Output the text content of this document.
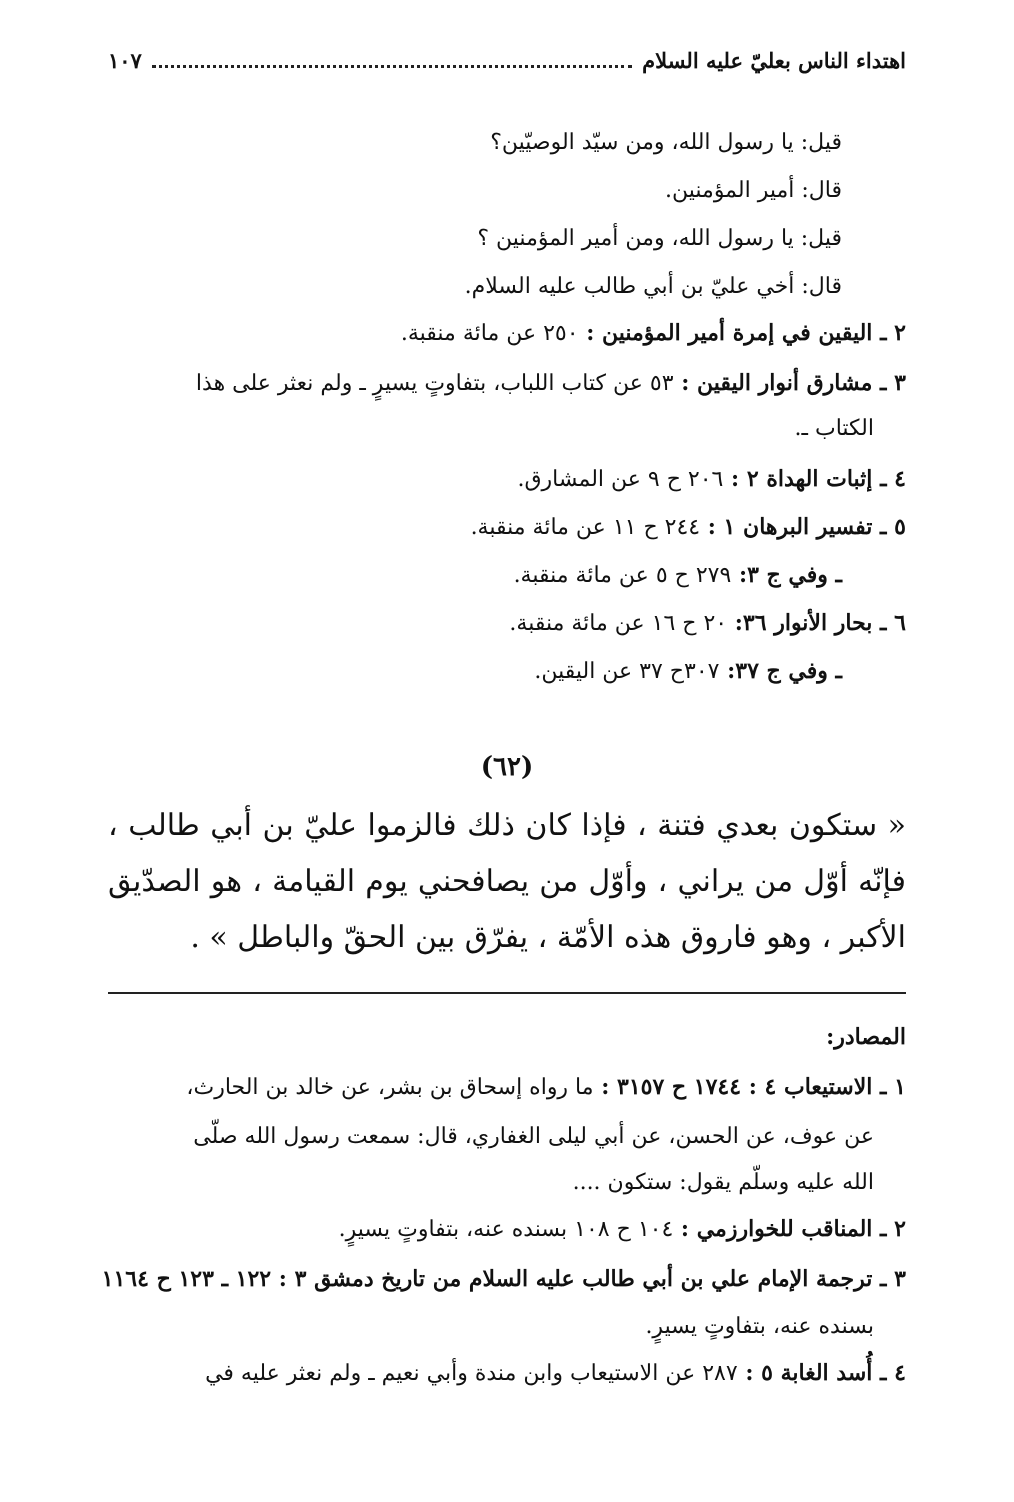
اهتداء الناس بعليّ عليه السلام
١٠٧
قيل: يا رسول الله، ومن سيّد الوصيّين؟
قال: أمير المؤمنين.
قيل: يا رسول الله، ومن أمير المؤمنين ؟
قال: أخي عليّ بن أبي طالب عليه السلام.
٢ ـ اليقين في إمرة أمير المؤمنين : ٢٥٠ عن مائة منقبة.
٣ ـ مشارق أنوار اليقين : ٥٣ عن كتاب اللباب، بتفاوتٍ يسيرٍ ـ ولم نعثر على هذا
الكتاب ـ.
٤ ـ إثبات الهداة ٢ : ٢٠٦ ح ٩ عن المشارق.
٥ ـ تفسير البرهان ١ : ٢٤٤ ح ١١ عن مائة منقبة.
ـ وفي ج ٣: ٢٧٩ ح ٥ عن مائة منقبة.
٦ ـ بحار الأنوار ٣٦: ٢٠ ح ١٦ عن مائة منقبة.
ـ وفي ج ٣٧: ٣٠٧ح ٣٧ عن اليقين.
(٦٢)
« ستكون بعدي فتنة ، فإذا كان ذلك فالزموا عليّ بن أبي طالب ، فإنّه أوّل من يراني ، وأوّل من يصافحني يوم القيامة ، هو الصدّيق الأكبر ، وهو فاروق هذه الأمّة ، يفرّق بين الحقّ والباطل » .
المصادر:
١ ـ الاستيعاب ٤ : ١٧٤٤ ح ٣١٥٧ : ما رواه إسحاق بن بشر، عن خالد بن الحارث،
عن عوف، عن الحسن، عن أبي ليلى الغفاري، قال: سمعت رسول الله صلّى
الله عليه وسلّم يقول: ستكون ....
٢ ـ المناقب للخوارزمي : ١٠٤ ح ١٠٨ بسنده عنه، بتفاوتٍ يسيرٍ.
٣ ـ ترجمة الإمام علي بن أبي طالب عليه السلام من تاريخ دمشق ٣ : ١٢٢ ـ ١٢٣ ح ١١٦٤
بسنده عنه، بتفاوتٍ يسيرٍ.
٤ ـ أُسد الغابة ٥ : ٢٨٧ عن الاستيعاب وابن مندة وأبي نعيم ـ ولم نعثر عليه في
